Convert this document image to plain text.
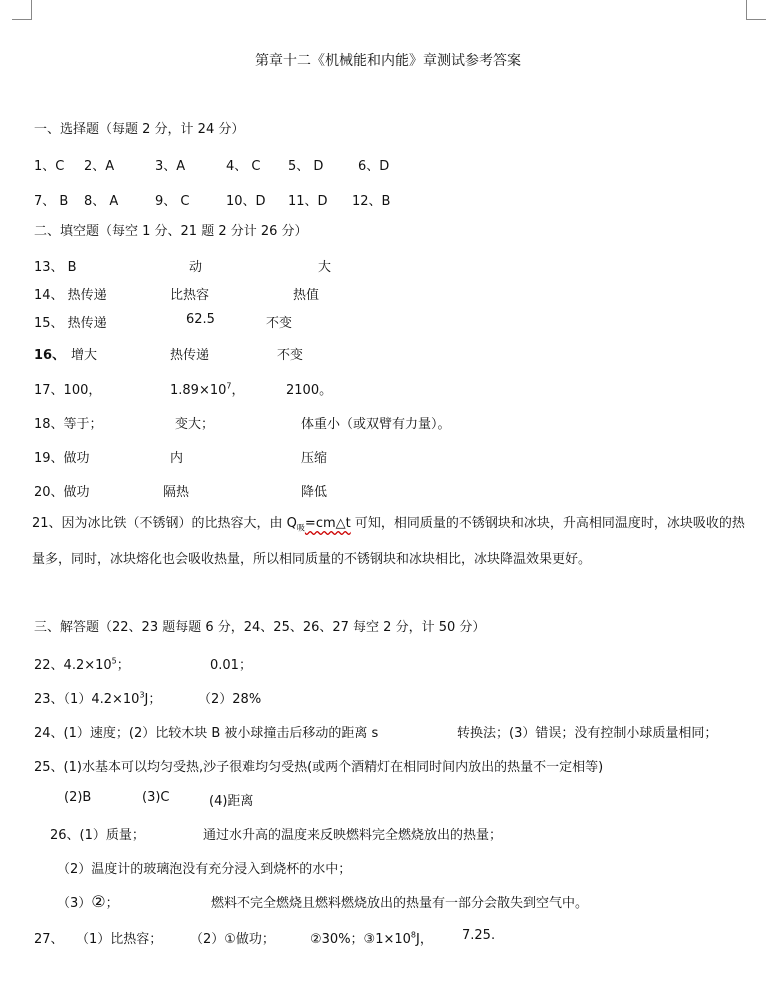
第章十二《机械能和内能》章测试参考答案
一、选择题（每题 2 分，计 24 分）
1、C 2、A	3、A	4、 C 5、 D	6、D
7、 B 8、 A	9、 C	10、D 11、D 12、B
二、填空题（每空 1 分、21 题 2 分计 26 分）
13、 B	动	大
14、 热传递	比热容	热值
15、 热传递	62.5	不变
16、 增大	热传递	不变
17、100，	$1.89\times 10^7$，	2100。
18、等于；	变大；	体重小（或双臂有力量）。
19、做功	内	压缩
20、做功	隔热	降低
21、因为冰比铁（不锈钢）的比热容大，由 $Q_吸=cm\triangle t$ 可知，相同质量的不锈钢块和冰块，升高相同温度时，冰块吸收的热量多，同时，冰块熔化也会吸收热量，所以相同质量的不锈钢块和冰块相比，冰块降温效果更好。
三、解答题（22、23 题每题 6 分，24、25、26、27 每空 2 分，计 50 分）
22、$4.2\times 10^5$；	0.01；
23、$(1)4.2\times 10^3J$；	（2）28%
24、(1）速度；(2）比较木块 B 被小球撞击后移动的距离 s	转换法；(3）错误；没有控制小球质量相同；
25、(1)水基本可以均匀受热,沙子很难均匀受热(或两个酒精灯在相同时间内放出的热量不一定相等)
(2)B	(3)C	(4)距离
26、(1）质量；	通过水升高的温度来反映燃料完全燃烧放出的热量；
（2）温度计的玻璃泡没有充分浸入到烧杯的水中；
（3）②；	燃料不完全燃烧且燃料燃烧放出的热量有一部分会散失到空气中。
27、 （1）比热容； （2）①做功；	②30%；$③1\times 10^8J$， 7.25.
